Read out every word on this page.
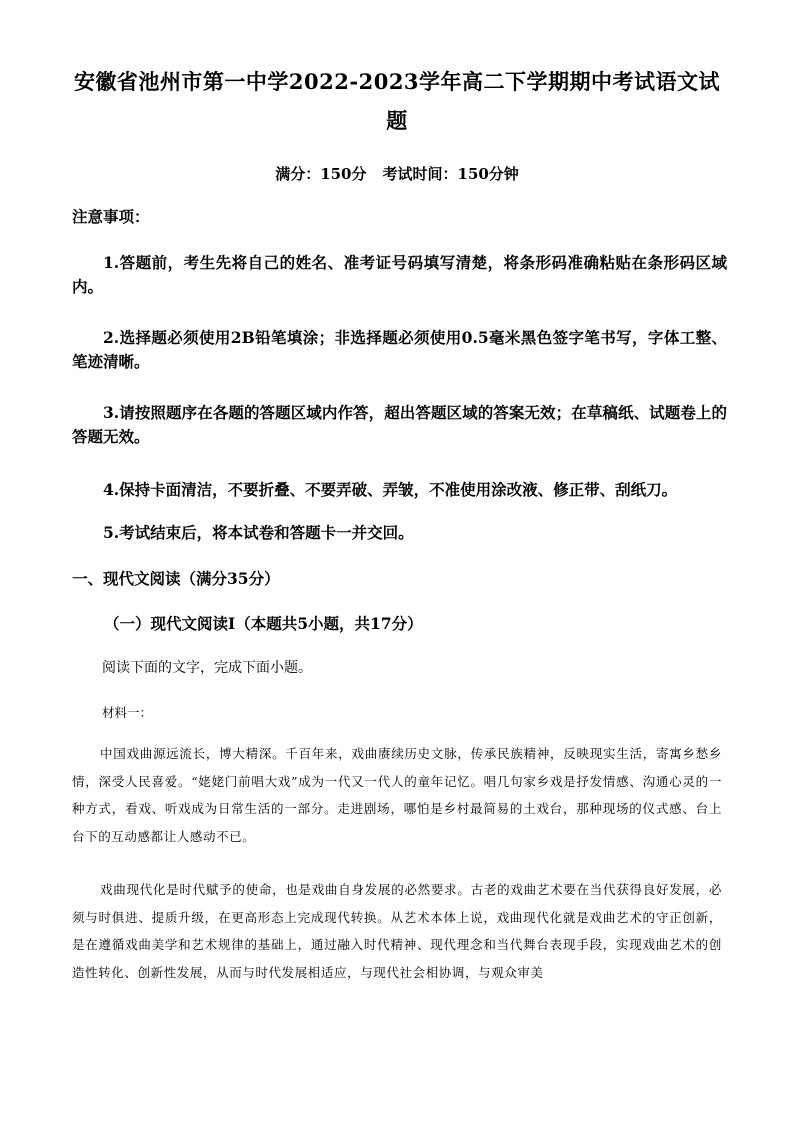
安徽省池州市第一中学2022-2023学年高二下学期期中考试语文试
题
满分：150分 考试时间：150分钟
注意事项：
1.答题前，考生先将自己的姓名、准考证号码填写清楚，将条形码准确粘贴在条形码区域内。
2.选择题必须使用2B铅笔填涂；非选择题必须使用0.5毫米黑色签字笔书写，字体工整、笔迹清晰。
3.请按照题序在各题的答题区域内作答，超出答题区域的答案无效；在草稿纸、试题卷上的答题无效。
4.保持卡面清洁，不要折叠、不要弄破、弄皱，不准使用涂改液、修正带、刮纸刀。
5.考试结束后，将本试卷和答题卡一并交回。
一、现代文阅读（满分35分）
（一）现代文阅读Ⅰ（本题共5小题，共17分）
阅读下面的文字，完成下面小题。
材料一：
中国戏曲源远流长，博大精深。千百年来，戏曲赓续历史文脉，传承民族精神，反映现实生活，寄寓乡愁乡情，深受人民喜爱。“姥姥门前唱大戏”成为一代又一代人的童年记忆。唱几句家乡戏是抒发情感、沟通心灵的一种方式，看戏、听戏成为日常生活的一部分。走进剧场，哪怕是乡村最简易的土戏台，那种现场的仪式感、台上台下的互动感都让人感动不已。
戏曲现代化是时代赋予的使命，也是戏曲自身发展的必然要求。古老的戏曲艺术要在当代获得良好发展，必须与时俱进、提质升级，在更高形态上完成现代转换。从艺术本体上说，戏曲现代化就是戏曲艺术的守正创新，是在遵循戏曲美学和艺术规律的基础上，通过融入时代精神、现代理念和当代舞台表现手段，实现戏曲艺术的创造性转化、创新性发展，从而与时代发展相适应，与现代社会相协调，与观众审美
